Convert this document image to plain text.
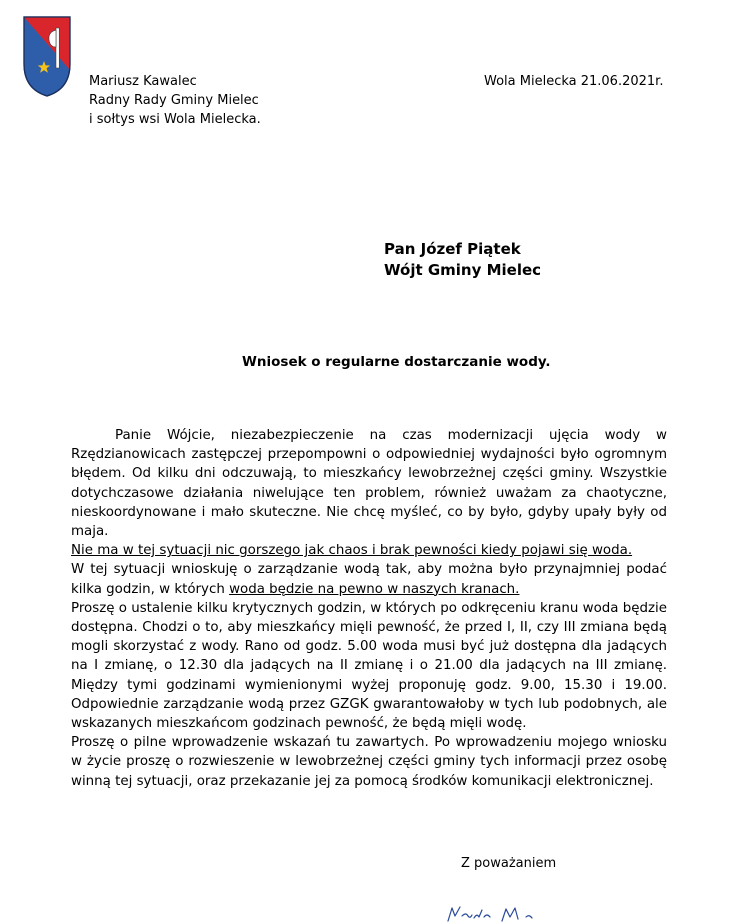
Mariusz Kawalec
Radny Rady Gminy Mielec
i sołtys wsi Wola Mielecka.
Wola Mielecka 21.06.2021r.
Pan Józef Piątek
Wójt Gminy Mielec
Wniosek o regularne dostarczanie wody.

Panie Wójcie, niezabezpieczenie na czas modernizacji ujęcia wody w Rzędzianowicach zastępczej przepompowni o odpowiedniej wydajności było ogromnym błędem. Od kilku dni odczuwają, to mieszkańcy lewobrzeżnej części gminy. Wszystkie dotychczasowe działania niwelujące ten problem, również uważam za chaotyczne, nieskoordynowane i mało skuteczne. Nie chcę myśleć, co by było, gdyby upały były od maja.

Nie ma w tej sytuacji nic gorszego jak chaos i brak pewności kiedy pojawi się woda.

W tej sytuacji wnioskuję o zarządzanie wodą tak, aby można było przynajmniej podać kilka godzin, w których woda będzie na pewno w naszych kranach.

Proszę o ustalenie kilku krytycznych godzin, w których po odkręceniu kranu woda będzie dostępna. Chodzi o to, aby mieszkańcy mięli pewność, że przed I, II, czy III zmiana będą mogli skorzystać z wody. Rano od godz. 5.00 woda musi być już dostępna dla jadących na I zmianę, o 12.30 dla jadących na II zmianę i o 21.00 dla jadących na III zmianę. Między tymi godzinami wymienionymi wyżej proponuję godz. 9.00, 15.30 i 19.00. Odpowiednie zarządzanie wodą przez GZGK gwarantowałoby w tych lub podobnych, ale wskazanych mieszkańcom godzinach pewność, że będą mięli wodę.

Proszę o pilne wprowadzenie wskazań tu zawartych. Po wprowadzeniu mojego wniosku w życie proszę o rozwieszenie w lewobrzeżnej części gminy tych informacji przez osobę winną tej sytuacji, oraz przekazanie jej za pomocą środków komunikacji elektronicznej.

Z poważaniem
